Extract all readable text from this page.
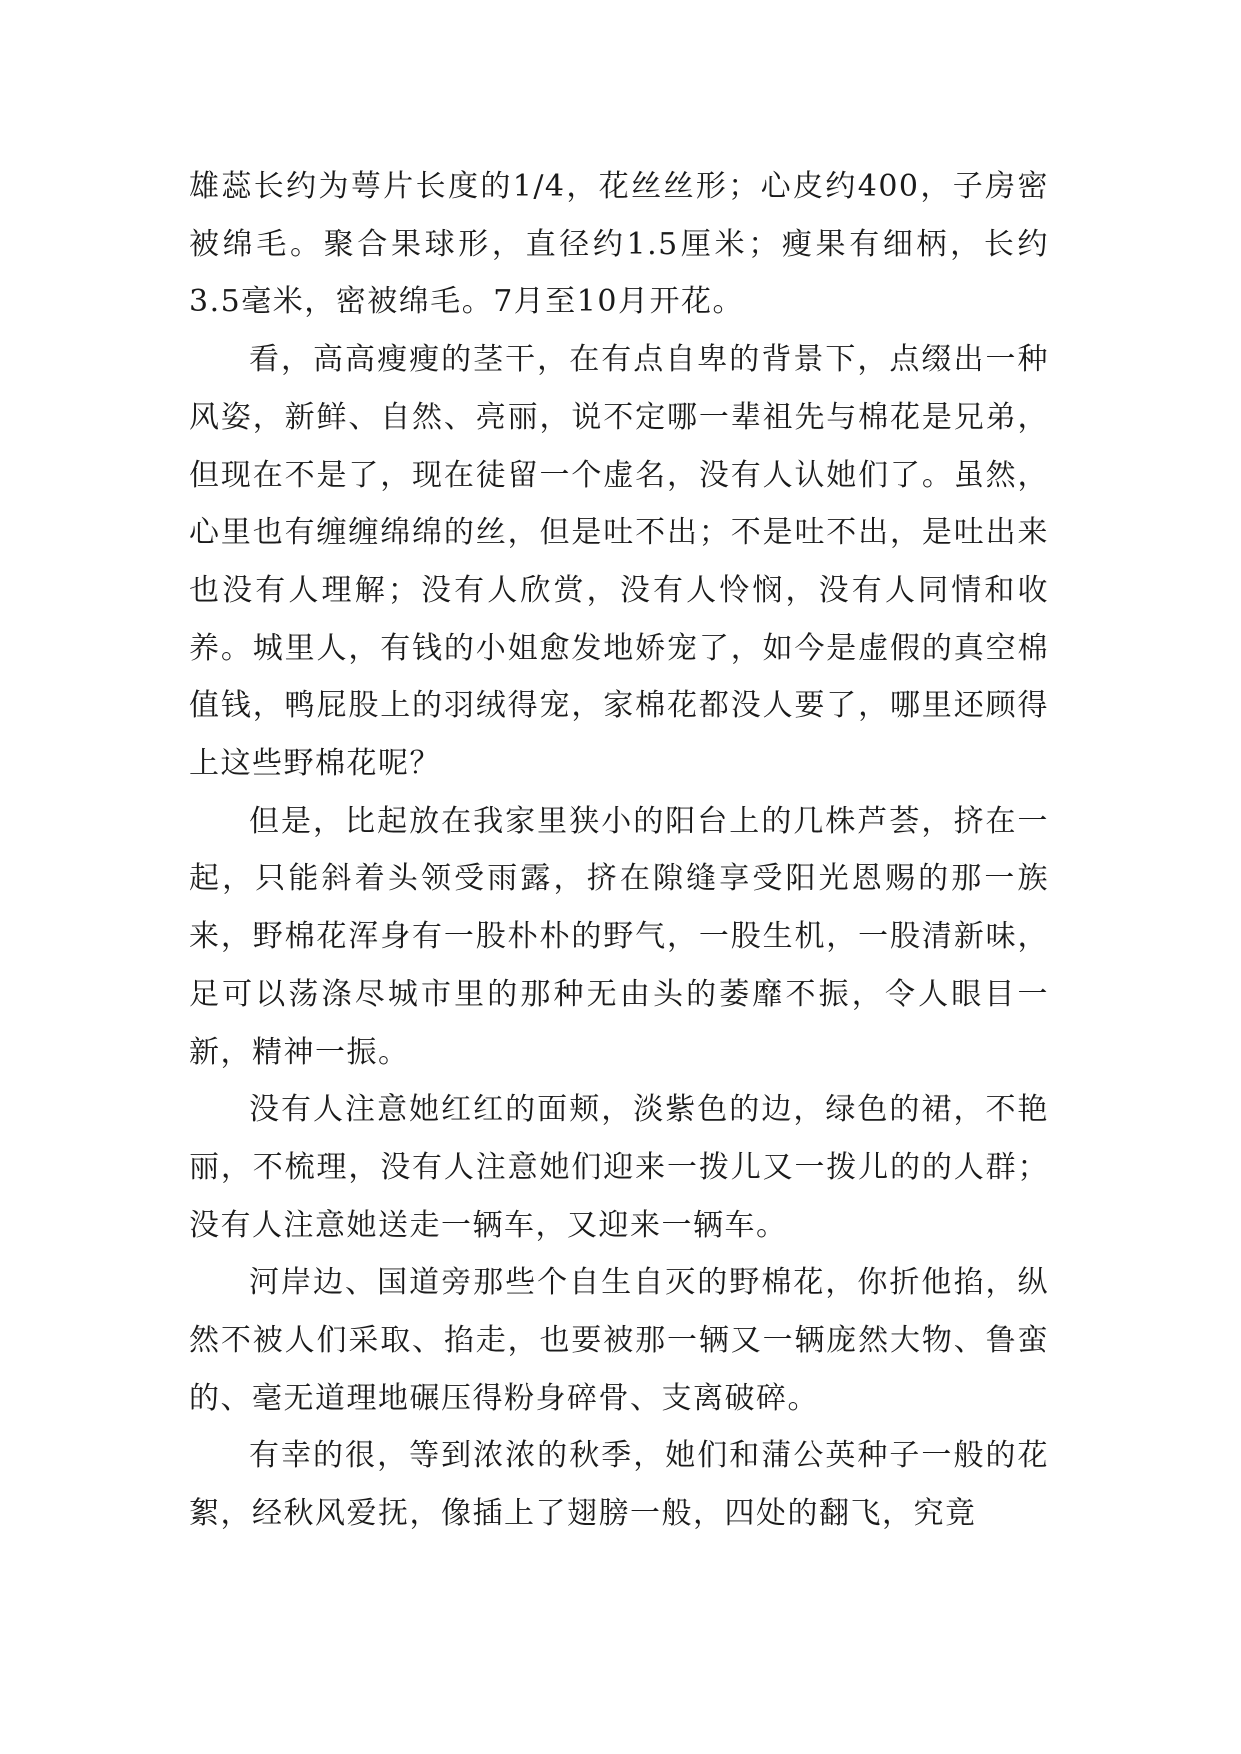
雄蕊长约为萼片长度的1/4，花丝丝形；心皮约400，子房密被绵毛。聚合果球形，直径约1.5厘米；瘦果有细柄，长约3.5毫米，密被绵毛。7月至10月开花。

看，高高瘦瘦的茎干，在有点自卑的背景下，点缀出一种风姿，新鲜、自然、亮丽，说不定哪一辈祖先与棉花是兄弟，但现在不是了，现在徒留一个虚名，没有人认她们了。虽然，心里也有缠缠绵绵的丝，但是吐不出；不是吐不出，是吐出来也没有人理解；没有人欣赏，没有人怜悯，没有人同情和收养。城里人，有钱的小姐愈发地娇宠了，如今是虚假的真空棉值钱，鸭屁股上的羽绒得宠，家棉花都没人要了，哪里还顾得上这些野棉花呢？

但是，比起放在我家里狭小的阳台上的几株芦荟，挤在一起，只能斜着头领受雨露，挤在隙缝享受阳光恩赐的那一族来，野棉花浑身有一股朴朴的野气，一股生机，一股清新味，足可以荡涤尽城市里的那种无由头的萎靡不振，令人眼目一新，精神一振。

没有人注意她红红的面颊，淡紫色的边，绿色的裙，不艳丽，不梳理，没有人注意她们迎来一拨儿又一拨儿的的人群；没有人注意她送走一辆车，又迎来一辆车。

河岸边、国道旁那些个自生自灭的野棉花，你折他掐，纵然不被人们采取、掐走，也要被那一辆又一辆庞然大物、鲁蛮的、毫无道理地碾压得粉身碎骨、支离破碎。

有幸的很，等到浓浓的秋季，她们和蒲公英种子一般的花絮，经秋风爱抚，像插上了翅膀一般，四处的翻飞，究竟
